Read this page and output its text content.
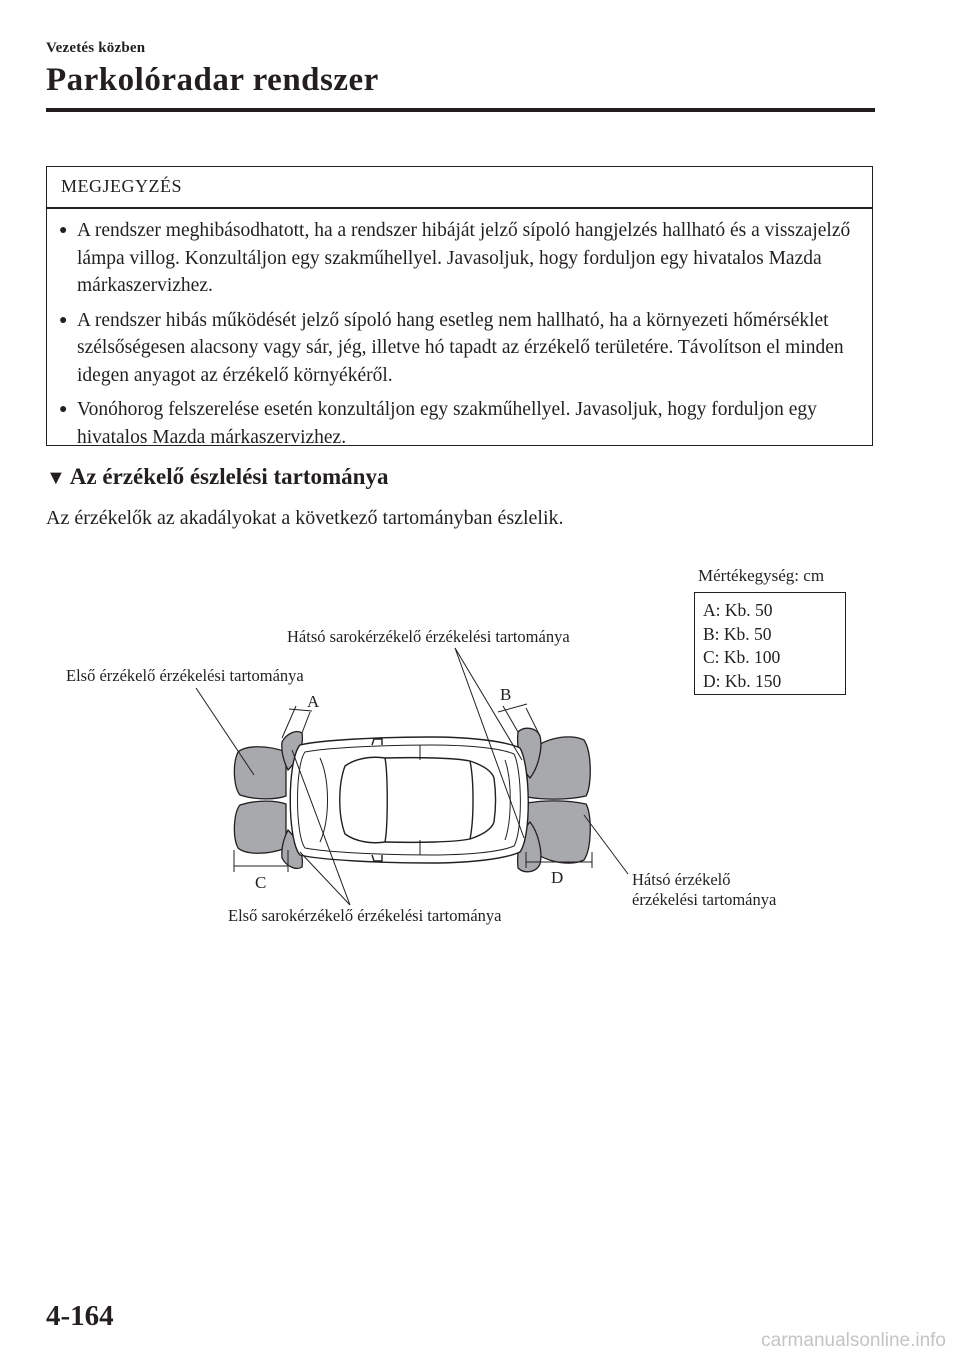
Vezetés közben
Parkolóradar rendszer
MEGJEGYZÉS
● A rendszer meghibásodhatott, ha a rendszer hibáját jelző sípoló hangjelzés hallható és a visszajelző lámpa villog. Konzultáljon egy szakműhellyel. Javasoljuk, hogy forduljon egy hivatalos Mazda márkaszervizhez.
● A rendszer hibás működését jelző sípoló hang esetleg nem hallható, ha a környezeti hőmérséklet szélsőségesen alacsony vagy sár, jég, illetve hó tapadt az érzékelő területére. Távolítson el minden idegen anyagot az érzékelő környékéről.
● Vonóhorog felszerelése esetén konzultáljon egy szakműhellyel. Javasoljuk, hogy forduljon egy hivatalos Mazda márkaszervizhez.
▼ Az érzékelő észlelési tartománya
Az érzékelők az akadályokat a következő tartományban észlelik.
Mértékegység: cm
A: Kb. 50
B: Kb. 50
C: Kb. 100
D: Kb. 150
Első érzékelő érzékelési tartománya
Hátsó sarokérzékelő érzékelési tartománya
Első sarokérzékelő érzékelési tartománya
Hátsó érzékelő
érzékelési tartománya
A	B
C	D
4-164
carmanualsonline.info
